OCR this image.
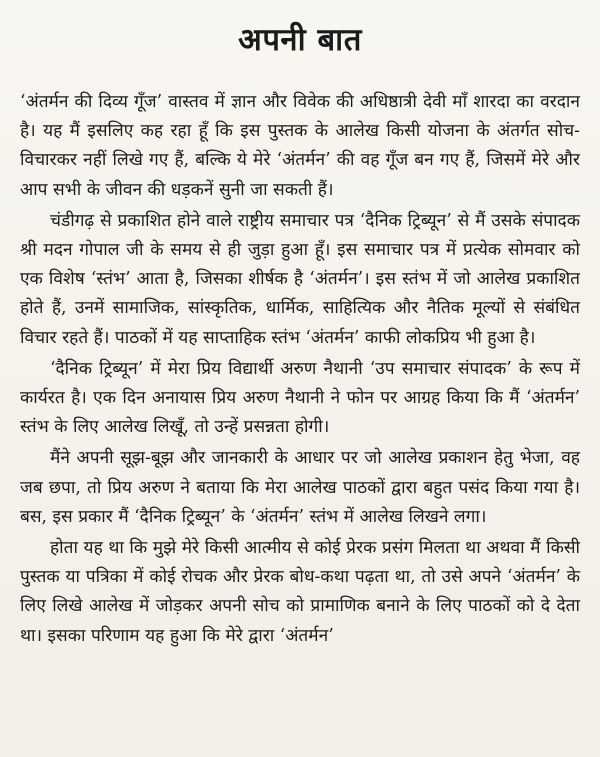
अपनी बात

‘अंतर्मन की दिव्य गूँज’ वास्तव में ज्ञान और विवेक की अधिष्ठात्री देवी माँ शारदा का वरदान है। यह मैं इसलिए कह रहा हूँ कि इस पुस्तक के आलेख किसी योजना के अंतर्गत सोच-विचारकर नहीं लिखे गए हैं, बल्कि ये मेरे ‘अंतर्मन’ की वह गूँज बन गए हैं, जिसमें मेरे और आप सभी के जीवन की धड़कनें सुनी जा सकती हैं।

चंडीगढ़ से प्रकाशित होने वाले राष्ट्रीय समाचार पत्र ‘दैनिक ट्रिब्यून’ से मैं उसके संपादक श्री मदन गोपाल जी के समय से ही जुड़ा हुआ हूँ। इस समाचार पत्र में प्रत्येक सोमवार को एक विशेष ‘स्तंभ’ आता है, जिसका शीर्षक है ‘अंतर्मन’। इस स्तंभ में जो आलेख प्रकाशित होते हैं, उनमें सामाजिक, सांस्कृतिक, धार्मिक, साहित्यिक और नैतिक मूल्यों से संबंधित विचार रहते हैं। पाठकों में यह साप्ताहिक स्तंभ ‘अंतर्मन’ काफी लोकप्रिय भी हुआ है।

‘दैनिक ट्रिब्यून’ में मेरा प्रिय विद्यार्थी अरुण नैथानी ‘उप समाचार संपादक’ के रूप में कार्यरत है। एक दिन अनायास प्रिय अरुण नैथानी ने फोन पर आग्रह किया कि मैं ‘अंतर्मन’ स्तंभ के लिए आलेख लिखूँ, तो उन्हें प्रसन्नता होगी।

मैंने अपनी सूझ-बूझ और जानकारी के आधार पर जो आलेख प्रकाशन हेतु भेजा, वह जब छपा, तो प्रिय अरुण ने बताया कि मेरा आलेख पाठकों द्वारा बहुत पसंद किया गया है। बस, इस प्रकार मैं ‘दैनिक ट्रिब्यून’ के ‘अंतर्मन’ स्तंभ में आलेख लिखने लगा।

होता यह था कि मुझे मेरे किसी आत्मीय से कोई प्रेरक प्रसंग मिलता था अथवा मैं किसी पुस्तक या पत्रिका में कोई रोचक और प्रेरक बोध-कथा पढ़ता था, तो उसे अपने ‘अंतर्मन’ के लिए लिखे आलेख में जोड़कर अपनी सोच को प्रामाणिक बनाने के लिए पाठकों को दे देता था। इसका परिणाम यह हुआ कि मेरे द्वारा ‘अंतर्मन’
